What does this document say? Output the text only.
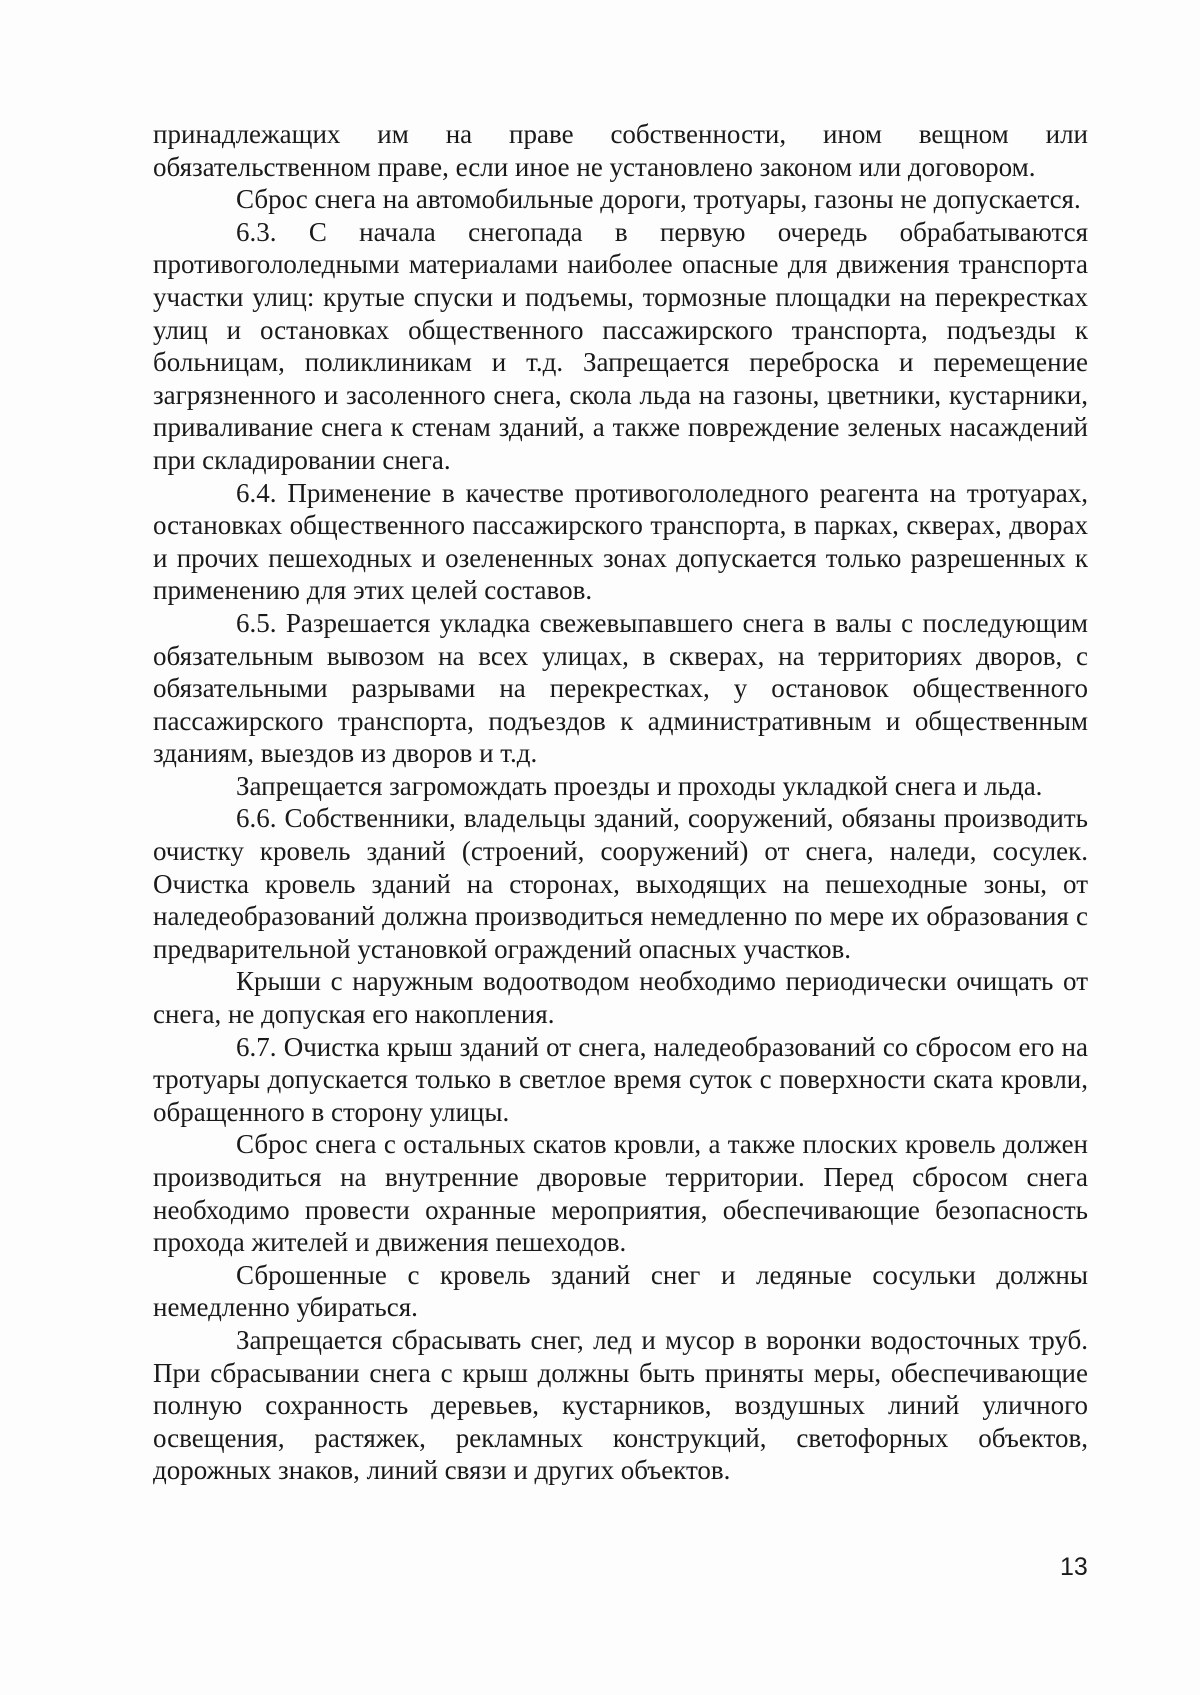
принадлежащих им на праве собственности, ином вещном или обязательственном праве, если иное не установлено законом или договором.

Сброс снега на автомобильные дороги, тротуары, газоны не допускается.

6.3. С начала снегопада в первую очередь обрабатываются противогололедными материалами наиболее опасные для движения транспорта участки улиц: крутые спуски и подъемы, тормозные площадки на перекрестках улиц и остановках общественного пассажирского транспорта, подъезды к больницам, поликлиникам и т.д. Запрещается переброска и перемещение загрязненного и засоленного снега, скола льда на газоны, цветники, кустарники, приваливание снега к стенам зданий, а также повреждение зеленых насаждений при складировании снега.

6.4. Применение в качестве противогололедного реагента на тротуарах, остановках общественного пассажирского транспорта, в парках, скверах, дворах и прочих пешеходных и озелененных зонах допускается только разрешенных к применению для этих целей составов.

6.5. Разрешается укладка свежевыпавшего снега в валы с последующим обязательным вывозом на всех улицах, в скверах, на территориях дворов, с обязательными разрывами на перекрестках, у остановок общественного пассажирского транспорта, подъездов к административным и общественным зданиям, выездов из дворов и т.д.

Запрещается загромождать проезды и проходы укладкой снега и льда.

6.6. Собственники, владельцы зданий, сооружений, обязаны производить очистку кровель зданий (строений, сооружений) от снега, наледи, сосулек. Очистка кровель зданий на сторонах, выходящих на пешеходные зоны, от наледеобразований должна производиться немедленно по мере их образования с предварительной установкой ограждений опасных участков.

Крыши с наружным водоотводом необходимо периодически очищать от снега, не допуская его накопления.

6.7. Очистка крыш зданий от снега, наледеобразований со сбросом его на тротуары допускается только в светлое время суток с поверхности ската кровли, обращенного в сторону улицы.

Сброс снега с остальных скатов кровли, а также плоских кровель должен производиться на внутренние дворовые территории. Перед сбросом снега необходимо провести охранные мероприятия, обеспечивающие безопасность прохода жителей и движения пешеходов.

Сброшенные с кровель зданий снег и ледяные сосульки должны немедленно убираться.

Запрещается сбрасывать снег, лед и мусор в воронки водосточных труб. При сбрасывании снега с крыш должны быть приняты меры, обеспечивающие полную сохранность деревьев, кустарников, воздушных линий уличного освещения, растяжек, рекламных конструкций, светофорных объектов, дорожных знаков, линий связи и других объектов.

13
